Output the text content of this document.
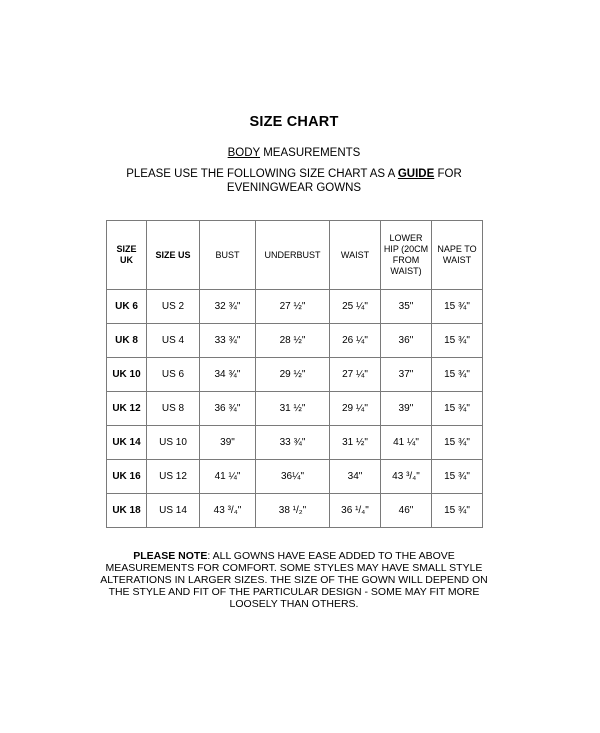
SIZE CHART
BODY MEASUREMENTS
PLEASE USE THE FOLLOWING SIZE CHART AS A GUIDE FOR
EVENINGWEAR GOWNS
SIZE UK	SIZE US	BUST	UNDERBUST	WAIST	LOWER HIP (20CM FROM WAIST)	NAPE TO WAIST
UK 6	US 2	32 ¾"	27 ½"	25 ¼"	35"	15 ¾"
UK 8	US 4	33 ¾"	28 ½"	26 ¼"	36''	15 ¾"
UK 10	US 6	34 ¾''	29 ½"	27 ¼"	37"	15 ¾"
UK 12	US 8	36 ¾''	31 ½"	29 ¼''	39''	15 ¾"
UK 14	US 10	39"	33 ¾"	31 ½"	41 ¼"	15 ¾"
UK 16	US 12	41 ¼"	36¼"	34"	43 ³/₄"	15 ¾"
UK 18	US 14	43 ³/₄"	38 ¹/₂"	36 ¹/₄"	46"	15 ¾"
PLEASE NOTE: ALL GOWNS HAVE EASE ADDED TO THE ABOVE
MEASUREMENTS FOR COMFORT. SOME STYLES MAY HAVE SMALL STYLE
ALTERATIONS IN LARGER SIZES. THE SIZE OF THE GOWN WILL DEPEND ON
THE STYLE AND FIT OF THE PARTICULAR DESIGN - SOME MAY FIT MORE
LOOSELY THAN OTHERS.
